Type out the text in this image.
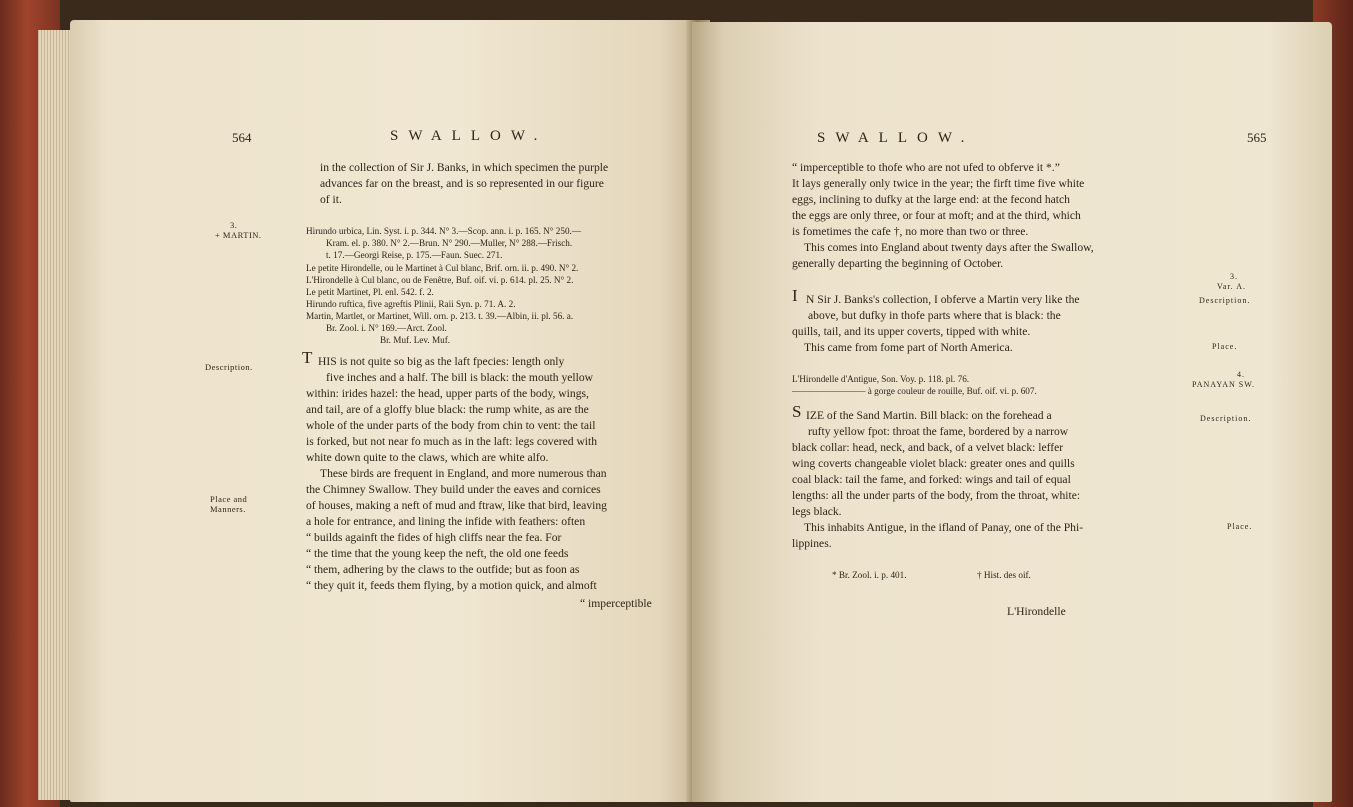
564	SWALLOW.
in the collection of Sir J. Banks, in which specimen the purple
advances far on the breast, and is so represented in our figure
of it.
3.
+ MARTIN.	Hirundo urbica, Lin. Syst. i. p. 344. N° 3.—Scop. ann. i. p. 165. N° 250.—
Kram. el. p. 380. N° 2.—Brun. N° 290.—Muller, N° 288.—Frisch.
t. 17.—Georgi Reise, p. 175.—Faun. Suec. 271.
Le petite Hirondelle, ou le Martinet à Cul blanc, Brif. orn. ii. p. 490. N° 2.
L'Hirondelle à Cul blanc, ou de Fenêtre, Buf. oif. vi. p. 614. pl. 25. N° 2.
Le petit Martinet, Pl. enl. 542. f. 2.
Hirundo ruftica, five agreftis Plinii, Raii Syn. p. 71. A. 2.
Martin, Martlet, or Martinet, Will. orn. p. 213. t. 39.—Albin, ii. pl. 56. a.
Br. Zool. i. N° 169.—Arct. Zool.
Br. Muf. Lev. Muf.
Description.
Place and
Manners.
T HIS is not quite so big as the laft fpecies: length only
five inches and a half. The bill is black: the mouth yellow
within: irides hazel: the head, upper parts of the body, wings,
and tail, are of a gloffy blue black: the rump white, as are the
whole of the under parts of the body from chin to vent: the tail
is forked, but not near fo much as in the laft: legs covered with
white down quite to the claws, which are white alfo.
These birds are frequent in England, and more numerous than
the Chimney Swallow. They build under the eaves and cornices
of houses, making a neft of mud and ftraw, like that bird, leaving
a hole for entrance, and lining the infide with feathers: often
“ builds againft the fides of high cliffs near the fea. For
“ the time that the young keep the neft, the old one feeds
“ them, adhering by the claws to the outfide; but as foon as
“ they quit it, feeds them flying, by a motion quick, and almoft
“ imperceptible
SWALLOW.	565
“ imperceptible to thofe who are not ufed to obferve it *.”
It lays generally only twice in the year; the firft time five white
eggs, inclining to dufky at the large end: at the fecond hatch
the eggs are only three, or four at moft; and at the third, which
is fometimes the cafe †, no more than two or three.
This comes into England about twenty days after the Swallow,
generally departing the beginning of October.
3.
Var. A.
Description.
I N Sir J. Banks's collection, I obferve a Martin very like the
above, but dufky in thofe parts where that is black: the
quills, tail, and its upper coverts, tipped with white.
This came from fome part of North America.	Place.
4.
PANAYAN SW.
L'Hirondelle d'Antigue, Son. Voy. p. 118. pl. 76.
———————— à gorge couleur de rouille, Buf. oif. vi. p. 607.
Description.
S IZE of the Sand Martin. Bill black: on the forehead a
rufty yellow fpot: throat the fame, bordered by a narrow
black collar: head, neck, and back, of a velvet black: leffer
wing coverts changeable violet black: greater ones and quills
coal black: tail the fame, and forked: wings and tail of equal
lengths: all the under parts of the body, from the throat, white:
legs black.
This inhabits Antigue, in the ifland of Panay, one of the Phi-
lippines.
Place.
* Br. Zool. i. p. 401.	† Hist. des oif.
L'Hirondelle
